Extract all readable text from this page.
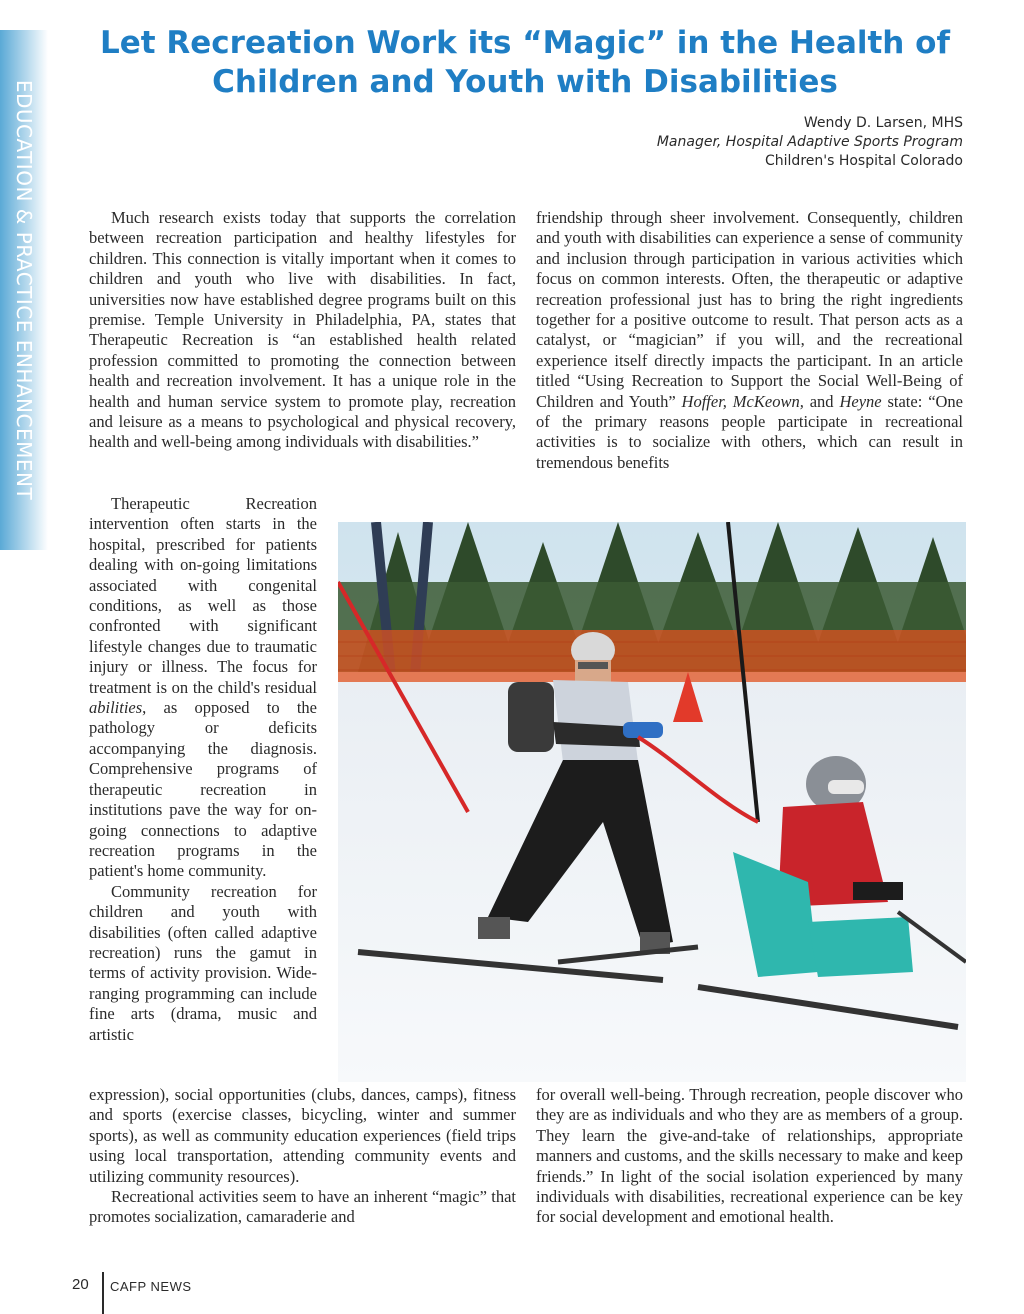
EDUCATION & PRACTICE ENHANCEMENT
Let Recreation Work its “Magic” in the Health of
Children and Youth with Disabilities
Wendy D. Larsen, MHS
Manager, Hospital Adaptive Sports Program
Children's Hospital Colorado

Much research exists today that supports the correlation between recreation participation and healthy lifestyles for children. This connection is vitally important when it comes to children and youth who live with disabilities. In fact, universities now have established degree programs built on this premise. Temple University in Philadelphia, PA, states that Therapeutic Recreation is “an established health related profession committed to promoting the connection between health and recreation involvement. It has a unique role in the health and human service system to promote play, recreation and leisure as a means to psychological and physical recovery, health and well-being among individuals with disabilities.”

Therapeutic Recreation intervention often starts in the hospital, prescribed for patients dealing with on-going limitations associated with congenital conditions, as well as those confronted with significant lifestyle changes due to traumatic injury or illness. The focus for treatment is on the child's residual abilities, as opposed to the pathology or deficits accompanying the diagnosis. Comprehensive programs of therapeutic recreation in institutions pave the way for on-going connections to adaptive recreation programs in the patient's home community.

Community recreation for children and youth with disabilities (often called adaptive recreation) runs the gamut in terms of activity provision. Wide-ranging programming can include fine arts (drama, music and artistic

expression), social opportunities (clubs, dances, camps), fitness and sports (exercise classes, bicycling, winter and summer sports), as well as community education experiences (field trips using local transportation, attending community events and utilizing community resources).

Recreational activities seem to have an inherent “magic” that promotes socialization, camaraderie and

friendship through sheer involvement. Consequently, children and youth with disabilities can experience a sense of community and inclusion through participation in various activities which focus on common interests. Often, the therapeutic or adaptive recreation professional just has to bring the right ingredients together for a positive outcome to result. That person acts as a catalyst, or “magician” if you will, and the recreational experience itself directly impacts the participant. In an article titled “Using Recreation to Support the Social Well-Being of Children and Youth” Hoffer, McKeown, and Heyne state: “One of the primary reasons people participate in recreational activities is to socialize with others, which can result in tremendous benefits

for overall well-being. Through recreation, people discover who they are as individuals and who they are as members of a group. They learn the give-and-take of relationships, appropriate manners and customs, and the skills necessary to make and keep friends.” In light of the social isolation experienced by many individuals with disabilities, recreational experience can be key for social development and emotional health.

20 CAFP NEWS
